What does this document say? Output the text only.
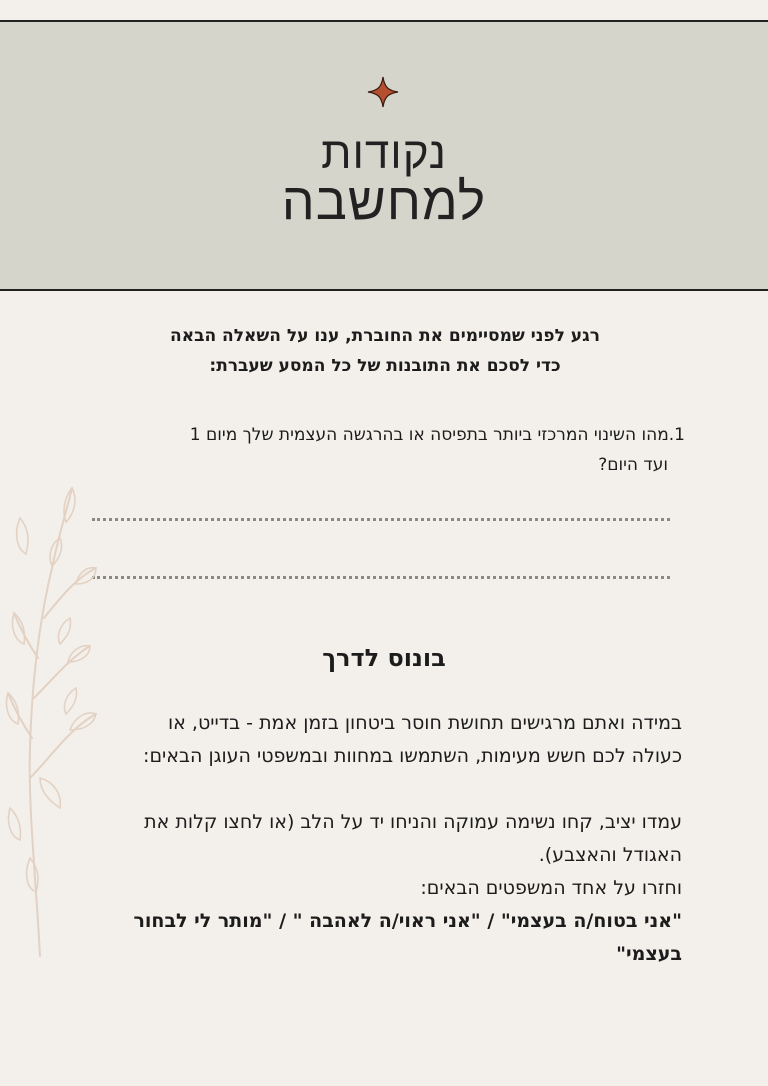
נקודות
למחשבה
רגע לפני שמסיימים את החוברת, ענו על השאלה הבאה
כדי לסכם את התובנות של כל המסע שעברת:
1.מהו השינוי המרכזי ביותר בתפיסה או בהרגשה העצמית שלך מיום 1
ועד היום?
בונוס לדרך
במידה ואתם מרגישים תחושת חוסר ביטחון בזמן אמת - בדייט, או
כעולה לכם חשש מעימות, השתמשו במחוות ובמשפטי העוגן הבאים:
עמדו יציב, קחו נשימה עמוקה והניחו יד על הלב (או לחצו קלות את
האגודל והאצבע).
וחזרו על אחד המשפטים הבאים:
"אני בטוח/ה בעצמי" / "אני ראוי/ה לאהבה " / "מותר לי לבחור
בעצמי"
